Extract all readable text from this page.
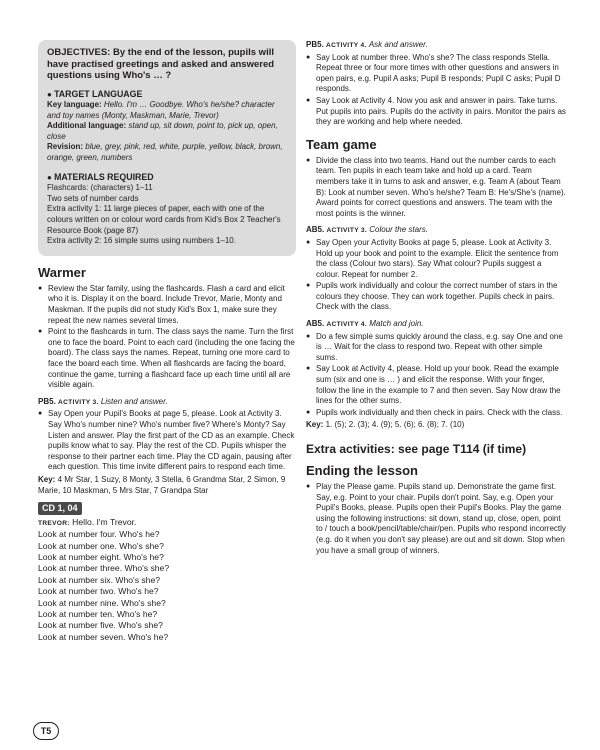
OBJECTIVES: By the end of the lesson, pupils will have practised greetings and asked and answered questions using Who's … ?

● TARGET LANGUAGE

Key language: Hello. I'm … Goodbye. Who's he/she? character and toy names (Monty, Maskman, Marie, Trevor)

Additional language: stand up, sit down, point to, pick up, open, close

Revision: blue, grey, pink, red, white, purple, yellow, black, brown, orange, green, numbers

● MATERIALS REQUIRED

Flashcards: (characters) 1–11

Two sets of number cards

Extra activity 1: 11 large pieces of paper, each with one of the colours written on or colour word cards from Kid's Box 2 Teacher's Resource Book (page 87)

Extra activity 2: 16 simple sums using numbers 1–10.

Warmer
● Review the Star family, using the flashcards. Flash a card and elicit who it is. Display it on the board. Include Trevor, Marie, Monty and Maskman. If the pupils did not study Kid's Box 1, make sure they repeat the new names several times.
● Point to the flashcards in turn. The class says the name. Turn the first one to face the board. Point to each card (including the one facing the board). The class says the names. Repeat, turning one more card to face the board each time. When all flashcards are facing the board, continue the game, turning a flashcard face up each time until all are visible again.
PB5. ACTIVITY 3. Listen and answer.
● Say Open your Pupil's Books at page 5, please. Look at Activity 3. Say Who's number nine? Who's number five? Where's Monty? Say Listen and answer. Play the first part of the CD as an example. Check pupils know what to say. Play the rest of the CD. Pupils whisper the response to their partner each time. Play the CD again, pausing after each question. This time invite different pairs to respond each time.

Key: 4 Mr Star, 1 Suzy, 8 Monty, 3 Stella, 6 Grandma Star, 2 Simon, 9 Marie, 10 Maskman, 5 Mrs Star, 7 Grandpa Star

CD 1, 04

TREVOR: Hello. I'm Trevor.

Look at number four. Who's he?

Look at number one. Who's she?

Look at number eight. Who's he?

Look at number three. Who's she?

Look at number six. Who's she?

Look at number two. Who's he?

Look at number nine. Who's she?

Look at number ten. Who's he?

Look at number five. Who's she?

Look at number seven. Who's he?

PB5. ACTIVITY 4. Ask and answer.
● Say Look at number three. Who's she? The class responds Stella. Repeat three or four more times with other questions and answers in open pairs, e.g. Pupil A asks; Pupil B responds; Pupil C asks; Pupil D responds.
● Say Look at Activity 4. Now you ask and answer in pairs. Take turns. Put pupils into pairs. Pupils do the activity in pairs. Monitor the pairs as they are working and help where needed.
Team game
● Divide the class into two teams. Hand out the number cards to each team. Ten pupils in each team take and hold up a card. Team members take it in turns to ask and answer, e.g. Team A (about Team B): Look at number seven. Who's he/she? Team B: He's/She's (name). Award points for correct questions and answers. The team with the most points is the winner.
AB5. ACTIVITY 3. Colour the stars.
● Say Open your Activity Books at page 5, please. Look at Activity 3. Hold up your book and point to the example. Elicit the sentence from the class (Colour two stars). Say What colour? Pupils suggest a colour. Repeat for number 2.
● Pupils work individually and colour the correct number of stars in the colours they choose. They can work together. Pupils check in pairs. Check with the class.
AB5. ACTIVITY 4. Match and join.
● Do a few simple sums quickly around the class, e.g. say One and one is … Wait for the class to respond two. Repeat with other simple sums.
● Say Look at Activity 4, please. Hold up your book. Read the example sum (six and one is … ) and elicit the response. With your finger, follow the line in the example to 7 and then seven. Say Now draw the lines for the other sums.
● Pupils work individually and then check in pairs. Check with the class.

Key: 1. (5); 2. (3); 4. (9); 5. (6); 6. (8); 7. (10)

Extra activities: see page T114 (if time)
Ending the lesson
● Play the Please game. Pupils stand up. Demonstrate the game first. Say, e.g. Point to your chair. Pupils don't point. Say, e.g. Open your Pupil's Books, please. Pupils open their Pupil's Books. Play the game using the following instructions: sit down, stand up, close, open, point to / touch a book/pencil/table/chair/pen. Pupils who respond incorrectly (e.g. do it when you don't say please) are out and sit down. Stop when you have a small group of winners.
T5
